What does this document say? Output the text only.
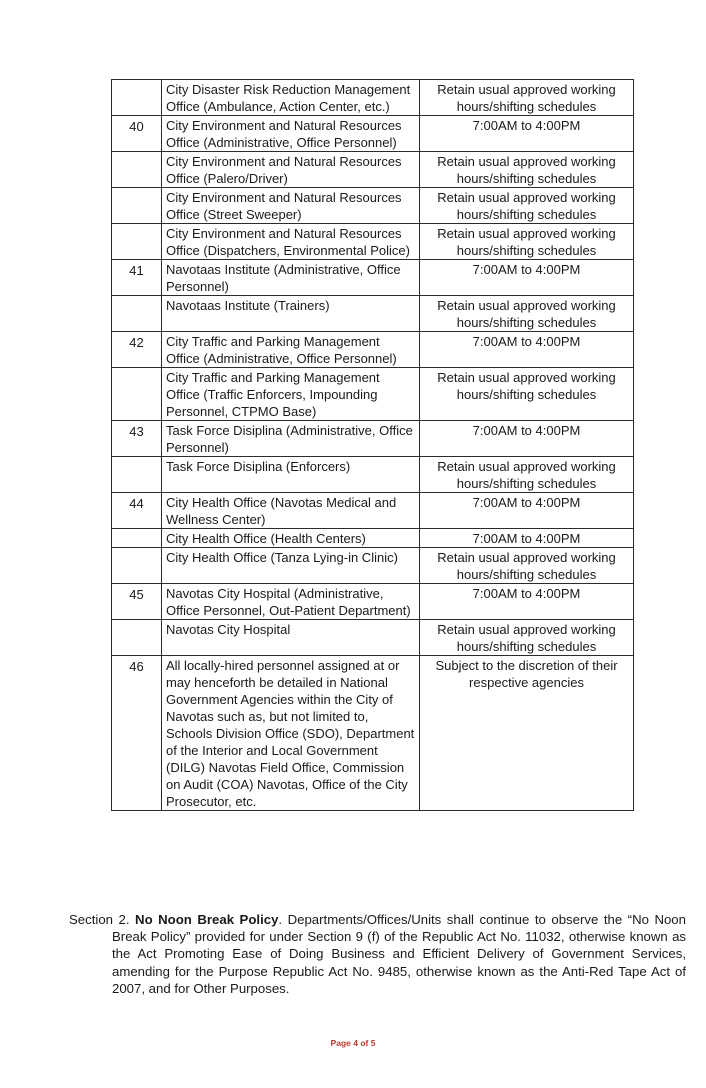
	City Disaster Risk Reduction Management Office (Ambulance, Action Center, etc.)	Retain usual approved working hours/shifting schedules
40	City Environment and Natural Resources Office (Administrative, Office Personnel)	7:00AM to 4:00PM
	City Environment and Natural Resources Office (Palero/Driver)	Retain usual approved working hours/shifting schedules
	City Environment and Natural Resources Office (Street Sweeper)	Retain usual approved working hours/shifting schedules
	City Environment and Natural Resources Office (Dispatchers, Environmental Police)	Retain usual approved working hours/shifting schedules
41	Navotaas Institute (Administrative, Office Personnel)	7:00AM to 4:00PM
	Navotaas Institute (Trainers)	Retain usual approved working hours/shifting schedules
42	City Traffic and Parking Management Office (Administrative, Office Personnel)	7:00AM to 4:00PM
	City Traffic and Parking Management Office (Traffic Enforcers, Impounding Personnel, CTPMO Base)	Retain usual approved working hours/shifting schedules
43	Task Force Disiplina (Administrative, Office Personnel)	7:00AM to 4:00PM
	Task Force Disiplina (Enforcers)	Retain usual approved working hours/shifting schedules
44	City Health Office (Navotas Medical and Wellness Center)	7:00AM to 4:00PM
	City Health Office (Health Centers)	7:00AM to 4:00PM
	City Health Office (Tanza Lying-in Clinic)	Retain usual approved working hours/shifting schedules
45	Navotas City Hospital (Administrative, Office Personnel, Out-Patient Department)	7:00AM to 4:00PM
	Navotas City Hospital	Retain usual approved working hours/shifting schedules
46	All locally-hired personnel assigned at or may henceforth be detailed in National Government Agencies within the City of Navotas such as, but not limited to, Schools Division Office (SDO), Department of the Interior and Local Government (DILG) Navotas Field Office, Commission on Audit (COA) Navotas, Office of the City Prosecutor, etc.	Subject to the discretion of their respective agencies

Section 2. No Noon Break Policy. Departments/Offices/Units shall continue to observe the “No Noon Break Policy” provided for under Section 9 (f) of the Republic Act No. 11032, otherwise known as the Act Promoting Ease of Doing Business and Efficient Delivery of Government Services, amending for the Purpose Republic Act No. 9485, otherwise known as the Anti-Red Tape Act of 2007, and for Other Purposes.

Page 4 of 5
